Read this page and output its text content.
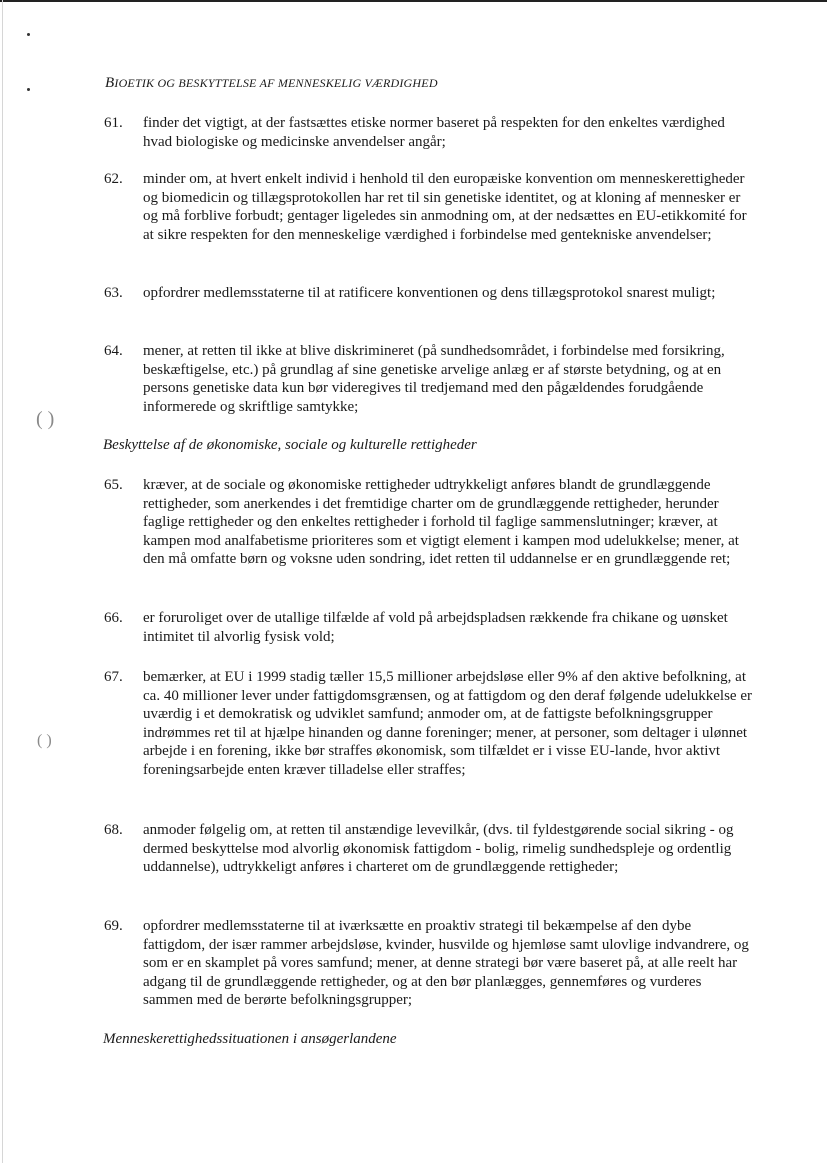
( )
( )
BIOETIK OG BESKYTTELSE AF MENNESKELIG VÆRDIGHED
61. finder det vigtigt, at der fastsættes etiske normer baseret på respekten for den enkeltes værdighed hvad biologiske og medicinske anvendelser angår;
62. minder om, at hvert enkelt individ i henhold til den europæiske konvention om menneskerettigheder og biomedicin og tillægsprotokollen har ret til sin genetiske identitet, og at kloning af mennesker er og må forblive forbudt; gentager ligeledes sin anmodning om, at der nedsættes en EU-etikkomité for at sikre respekten for den menneskelige værdighed i forbindelse med gentekniske anvendelser;
63. opfordrer medlemsstaterne til at ratificere konventionen og dens tillægsprotokol snarest muligt;
64. mener, at retten til ikke at blive diskrimineret (på sundhedsområdet, i forbindelse med forsikring, beskæftigelse, etc.) på grundlag af sine genetiske arvelige anlæg er af største betydning, og at en persons genetiske data kun bør videregives til tredjemand med den pågældendes forudgående informerede og skriftlige samtykke;
Beskyttelse af de økonomiske, sociale og kulturelle rettigheder
65. kræver, at de sociale og økonomiske rettigheder udtrykkeligt anføres blandt de grundlæggende rettigheder, som anerkendes i det fremtidige charter om de grundlæggende rettigheder, herunder faglige rettigheder og den enkeltes rettigheder i forhold til faglige sammenslutninger; kræver, at kampen mod analfabetisme prioriteres som et vigtigt element i kampen mod udelukkelse; mener, at den må omfatte børn og voksne uden sondring, idet retten til uddannelse er en grundlæggende ret;
66. er foruroliget over de utallige tilfælde af vold på arbejdspladsen rækkende fra chikane og uønsket intimitet til alvorlig fysisk vold;
67. bemærker, at EU i 1999 stadig tæller 15,5 millioner arbejdsløse eller 9% af den aktive befolkning, at ca. 40 millioner lever under fattigdomsgrænsen, og at fattigdom og den deraf følgende udelukkelse er uværdig i et demokratisk og udviklet samfund; anmoder om, at de fattigste befolkningsgrupper indrømmes ret til at hjælpe hinanden og danne foreninger; mener, at personer, som deltager i ulønnet arbejde i en forening, ikke bør straffes økonomisk, som tilfældet er i visse EU-lande, hvor aktivt foreningsarbejde enten kræver tilladelse eller straffes;
68. anmoder følgelig om, at retten til anstændige levevilkår, (dvs. til fyldestgørende social sikring - og dermed beskyttelse mod alvorlig økonomisk fattigdom - bolig, rimelig sundhedspleje og ordentlig uddannelse), udtrykkeligt anføres i charteret om de grundlæggende rettigheder;
69. opfordrer medlemsstaterne til at iværksætte en proaktiv strategi til bekæmpelse af den dybe fattigdom, der især rammer arbejdsløse, kvinder, husvilde og hjemløse samt ulovlige indvandrere, og som er en skamplet på vores samfund; mener, at denne strategi bør være baseret på, at alle reelt har adgang til de grundlæggende rettigheder, og at den bør planlægges, gennemføres og vurderes sammen med de berørte befolkningsgrupper;
Menneskerettighedssituationen i ansøgerlandene
